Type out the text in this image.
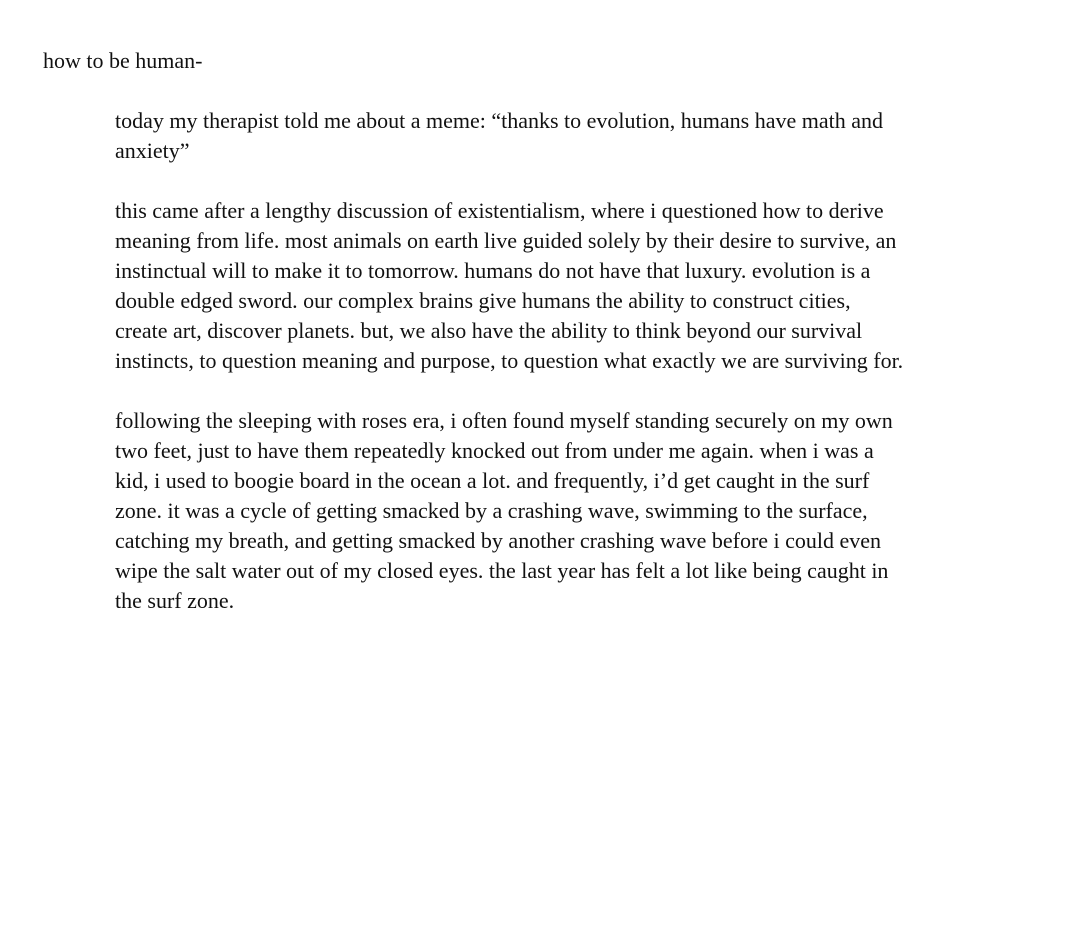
how to be human-

today my therapist told me about a meme: “thanks to evolution, humans have math and
anxiety”

this came after a lengthy discussion of existentialism, where i questioned how to derive
meaning from life. most animals on earth live guided solely by their desire to survive, an
instinctual will to make it to tomorrow. humans do not have that luxury. evolution is a
double edged sword. our complex brains give humans the ability to construct cities,
create art, discover planets. but, we also have the ability to think beyond our survival
instincts, to question meaning and purpose, to question what exactly we are surviving for.

following the sleeping with roses era, i often found myself standing securely on my own
two feet, just to have them repeatedly knocked out from under me again. when i was a
kid, i used to boogie board in the ocean a lot. and frequently, i’d get caught in the surf
zone. it was a cycle of getting smacked by a crashing wave, swimming to the surface,
catching my breath, and getting smacked by another crashing wave before i could even
wipe the salt water out of my closed eyes. the last year has felt a lot like being caught in
the surf zone.
